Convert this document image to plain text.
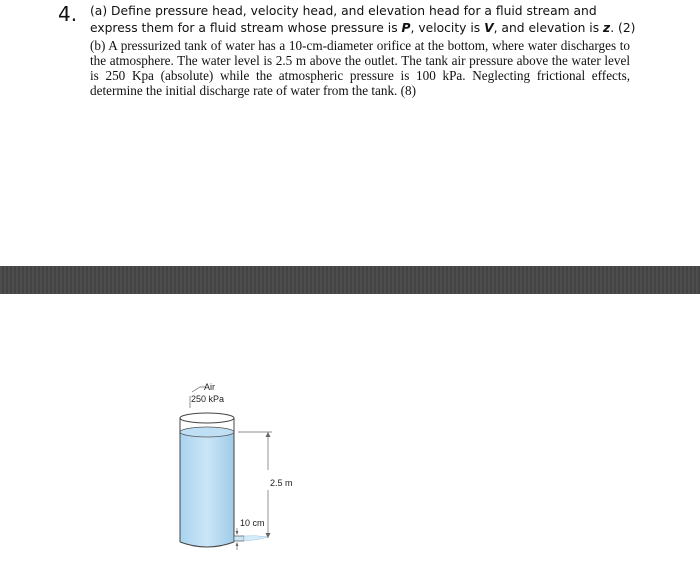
4. (a) Define pressure head, velocity head, and elevation head for a fluid stream and express them for a fluid stream whose pressure is P, velocity is V, and elevation is z. (2)
(b) A pressurized tank of water has a 10-cm-diameter orifice at the bottom, where water discharges to the atmosphere. The water level is 2.5 m above the outlet. The tank air pressure above the water level is 250 Kpa (absolute) while the atmospheric pressure is 100 kPa. Neglecting frictional effects, determine the initial discharge rate of water from the tank. (8)
Air
250 kPa
2.5 m
10 cm
